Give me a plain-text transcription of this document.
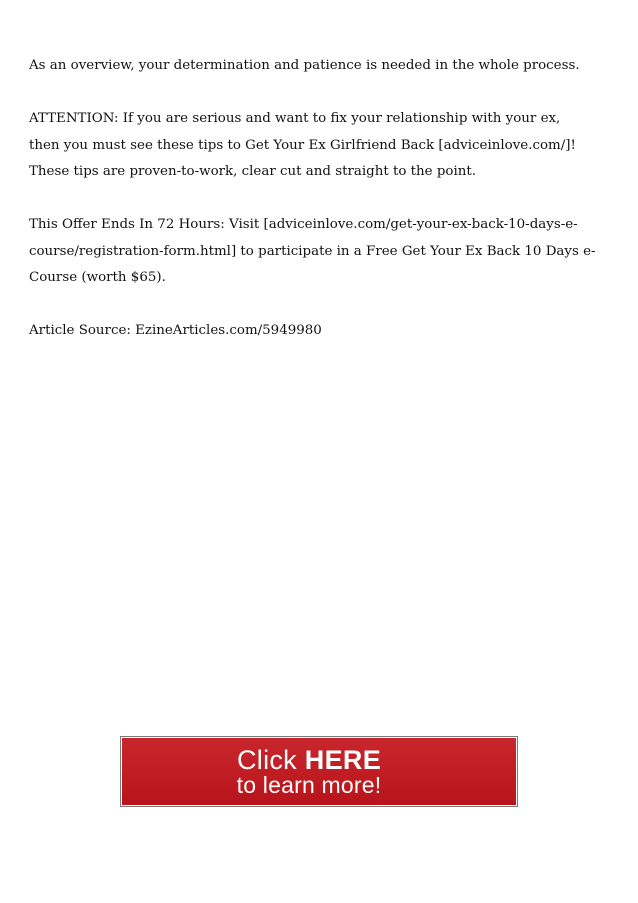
As an overview, your determination and patience is needed in the whole process.

ATTENTION: If you are serious and want to fix your relationship with your ex,
then you must see these tips to Get Your Ex Girlfriend Back [adviceinlove.com/]!
These tips are proven-to-work, clear cut and straight to the point.

This Offer Ends In 72 Hours: Visit [adviceinlove.com/get-your-ex-back-10-days-e-
course/registration-form.html] to participate in a Free Get Your Ex Back 10 Days e-
Course (worth $65).

Article Source: EzineArticles.com/5949980

Click HERE
to learn more!
